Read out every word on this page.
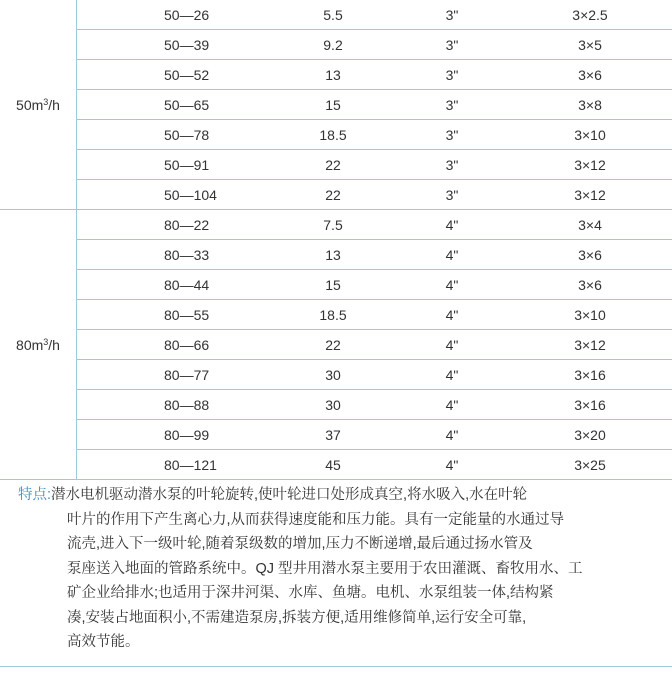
$50m^3$ /h
50—26	5.5	3"	3×2.5
50—39	9.2	3"	3×5
50—52	13	3"	3×6
50—65	15	3"	3×8
50—78	18.5	3"	3×10
50—91	22	3"	3×12
50—104	22	3"	3×12
$80m^3$ /h
80—22	7.5	4"	3×4
80—33	13	4"	3×6
80—44	15	4"	3×6
80—55	18.5	4"	3×10
80—66	22	4"	3×12
80—77	30	4"	3×16
80—88	30	4"	3×16
80—99	37	4"	3×20
80—121	45	4"	3×25
特点:潜水电机驱动潜水泵的叶轮旋转,使叶轮进口处形成真空,将水吸入,水在叶轮
叶片的作用下产生离心力,从而获得速度能和压力能。具有一定能量的水通过导
流壳,进入下一级叶轮,随着泵级数的增加,压力不断递增,最后通过扬水管及
泵座送入地面的管路系统中。QJ 型井用潜水泵主要用于农田灌溉、畜牧用水、工
矿企业给排水;也适用于深井河渠、水库、鱼塘。电机、水泵组装一体,结构紧
凑,安装占地面积小,不需建造泵房,拆装方便,适用维修简单,运行安全可靠,
高效节能。
